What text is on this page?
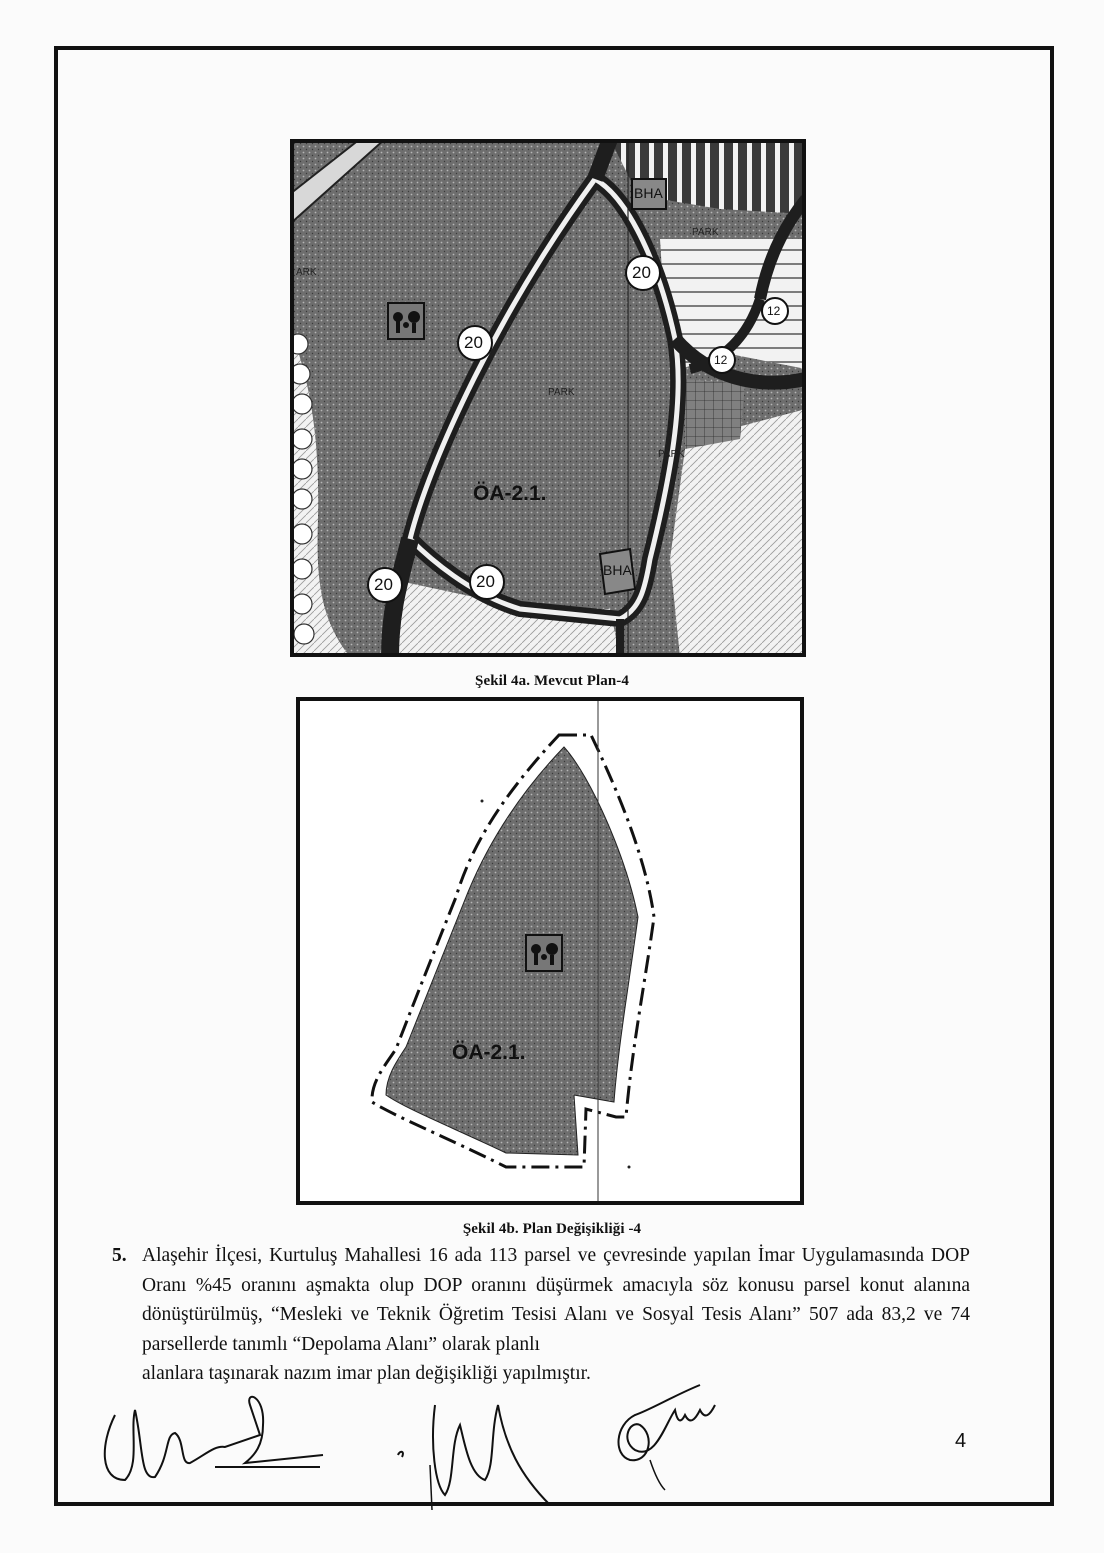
ÖA-2.1.
PARK
PARK
PARK
ARK
BHA
BHA
20
20
20	20
12
12
Şekil 4a. Mevcut Plan-4
ÖA-2.1.
Şekil 4b. Plan Değişikliği -4
5. Alaşehir İlçesi, Kurtuluş Mahallesi 16 ada 113 parsel ve çevresinde yapılan İmar Uygulamasında DOP Oranı %45 oranını aşmakta olup DOP oranını düşürmek amacıyla söz konusu parsel konut alanına dönüştürülmüş, “Mesleki ve Teknik Öğretim Tesisi Alanı ve Sosyal Tesis Alanı” 507 ada 83,2 ve 74 parsellerde tanımlı “Depolama Alanı” olarak planlı
alanlara taşınarak nazım imar plan değişikliği yapılmıştır.
4
